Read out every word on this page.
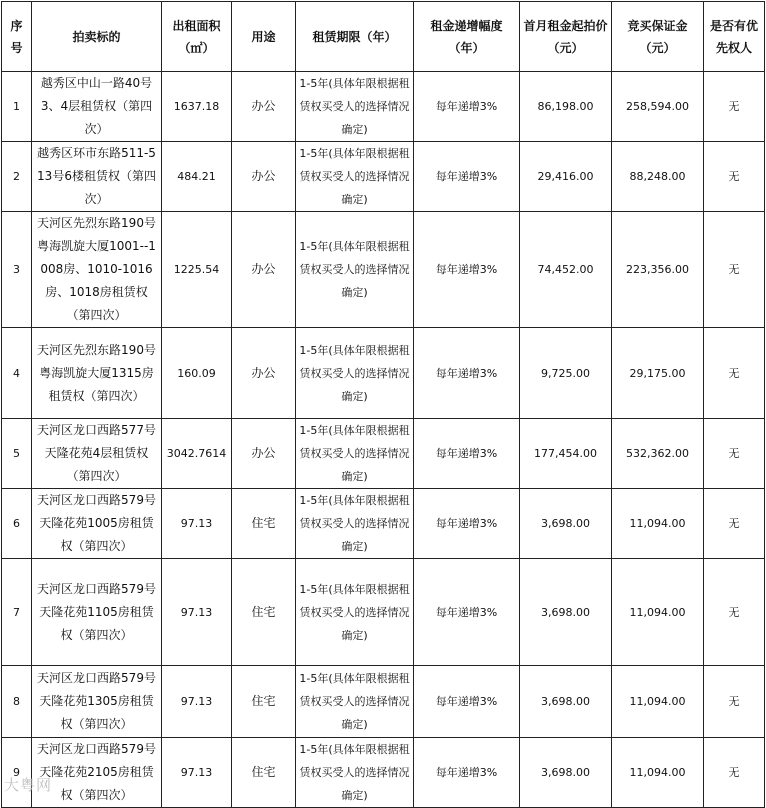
序号	拍卖标的	出租面积（㎡）	用途	租赁期限（年）	租金递增幅度（年）	首月租金起拍价（元）	竞买保证金（元）	是否有优先权人
1	越秀区中山一路40号3、4层租赁权（第四次）	1637.18	办公	1-5年(具体年限根据租赁权买受人的选择情况确定)	每年递增3%	86,198.00	258,594.00	无
2	越秀区环市东路511-513号6楼租赁权（第四次）	484.21	办公	1-5年(具体年限根据租赁权买受人的选择情况确定)	每年递增3%	29,416.00	88,248.00	无
3	天河区先烈东路190号粤海凯旋大厦1001--1008房、1010-1016房、1018房租赁权（第四次）	1225.54	办公	1-5年(具体年限根据租赁权买受人的选择情况确定)	每年递增3%	74,452.00	223,356.00	无
4	天河区先烈东路190号粤海凯旋大厦1315房租赁权（第四次）	160.09	办公	1-5年(具体年限根据租赁权买受人的选择情况确定)	每年递增3%	9,725.00	29,175.00	无
5	天河区龙口西路577号天隆花苑4层租赁权（第四次）	3042.7614	办公	1-5年(具体年限根据租赁权买受人的选择情况确定)	每年递增3%	177,454.00	532,362.00	无
6	天河区龙口西路579号天隆花苑1005房租赁权（第四次）	97.13	住宅	1-5年(具体年限根据租赁权买受人的选择情况确定)	每年递增3%	3,698.00	11,094.00	无
7	天河区龙口西路579号天隆花苑1105房租赁权（第四次）	97.13	住宅	1-5年(具体年限根据租赁权买受人的选择情况确定)	每年递增3%	3,698.00	11,094.00	无
8	天河区龙口西路579号天隆花苑1305房租赁权（第四次）	97.13	住宅	1-5年(具体年限根据租赁权买受人的选择情况确定)	每年递增3%	3,698.00	11,094.00	无
9	天河区龙口西路579号天隆花苑2105房租赁权（第四次）	97.13	住宅	1-5年(具体年限根据租赁权买受人的选择情况确定)	每年递增3%	3,698.00	11,094.00	无
大粤网
